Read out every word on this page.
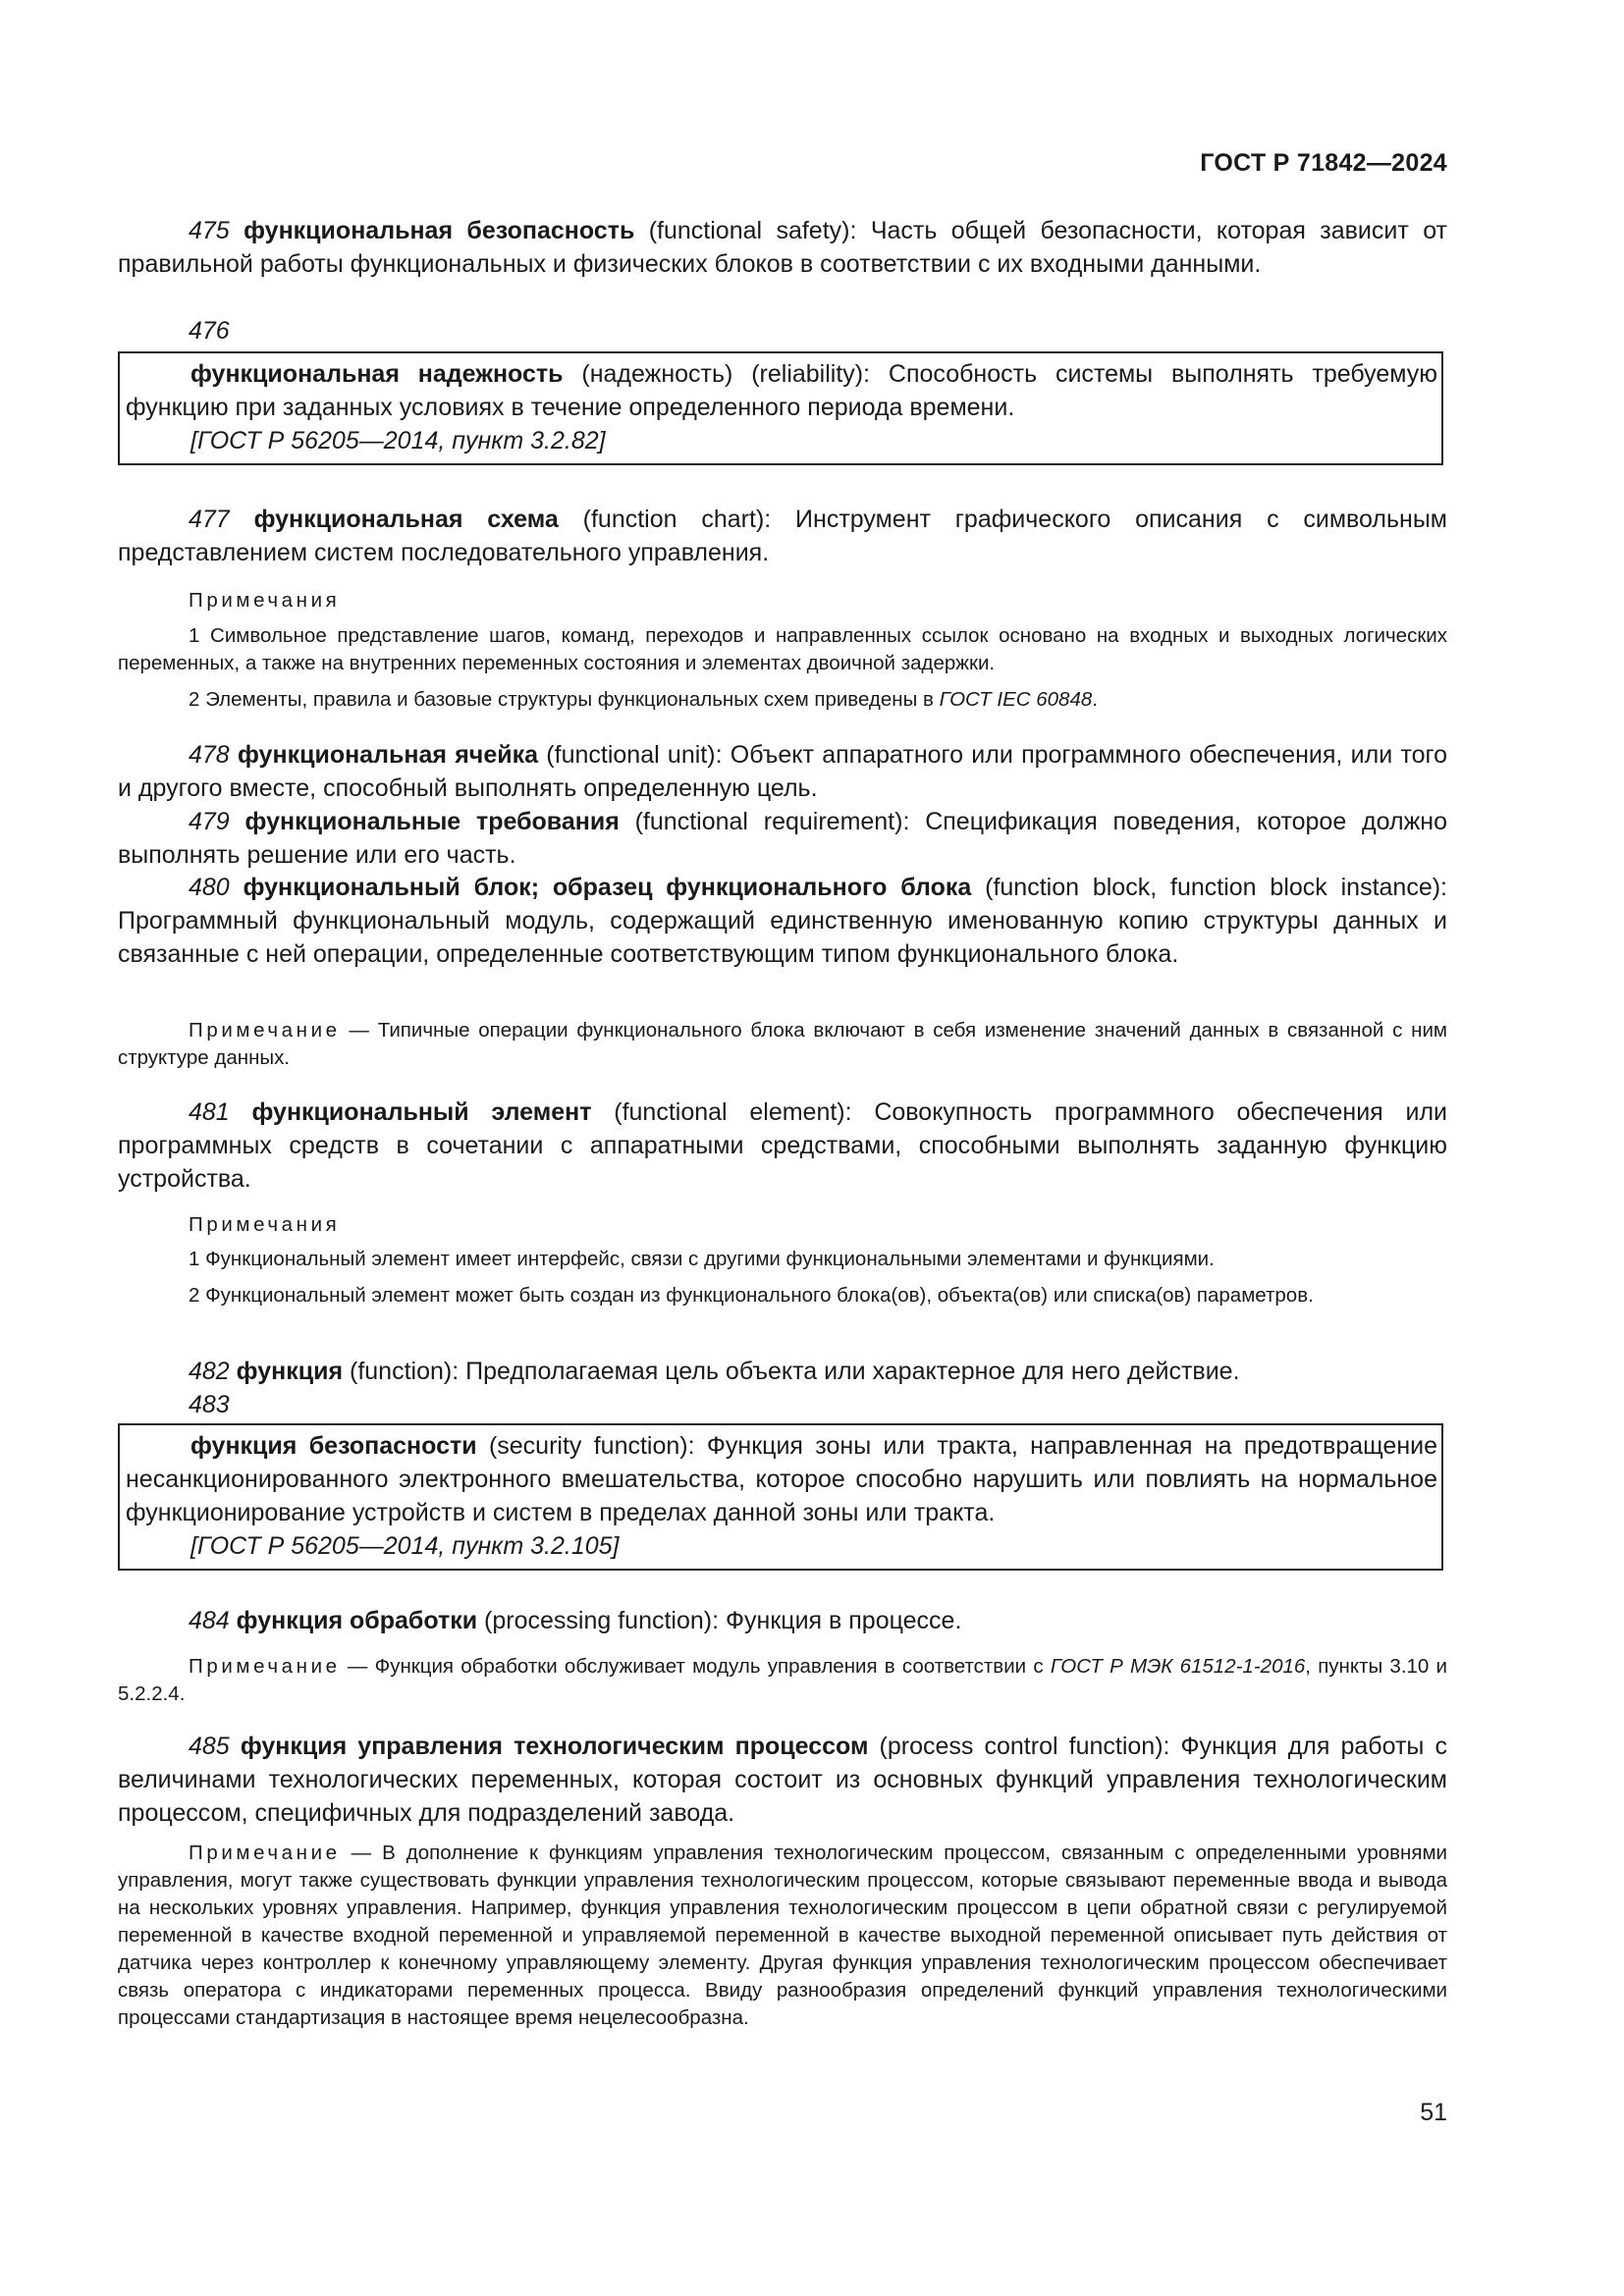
ГОСТ Р 71842—2024

475 функциональная безопасность (functional safety): Часть общей безопасности, которая зависит от правильной работы функциональных и физических блоков в соответствии с их входными данными.

476

функциональная надежность (надежность) (reliability): Способность системы выполнять требуемую функцию при заданных условиях в течение определенного периода времени.

[ГОСТ Р 56205—2014, пункт 3.2.82]

477 функциональная схема (function chart): Инструмент графического описания с символьным представлением систем последовательного управления.

Примечания

1 Символьное представление шагов, команд, переходов и направленных ссылок основано на входных и выходных логических переменных, а также на внутренних переменных состояния и элементах двоичной задержки.

2 Элементы, правила и базовые структуры функциональных схем приведены в ГОСТ IEC 60848.

478 функциональная ячейка (functional unit): Объект аппаратного или программного обеспечения, или того и другого вместе, способный выполнять определенную цель.

479 функциональные требования (functional requirement): Спецификация поведения, которое должно выполнять решение или его часть.

480 функциональный блок; образец функционального блока (function block, function block instance): Программный функциональный модуль, содержащий единственную именованную копию структуры данных и связанные с ней операции, определенные соответствующим типом функционального блока.

Примечание — Типичные операции функционального блока включают в себя изменение значений данных в связанной с ним структуре данных.

481 функциональный элемент (functional element): Совокупность программного обеспечения или программных средств в сочетании с аппаратными средствами, способными выполнять заданную функцию устройства.

Примечания

1 Функциональный элемент имеет интерфейс, связи с другими функциональными элементами и функциями.

2 Функциональный элемент может быть создан из функционального блока(ов), объекта(ов) или списка(ов) параметров.

482 функция (function): Предполагаемая цель объекта или характерное для него действие.

483

функция безопасности (security function): Функция зоны или тракта, направленная на предотвращение несанкционированного электронного вмешательства, которое способно нарушить или повлиять на нормальное функционирование устройств и систем в пределах данной зоны или тракта.

[ГОСТ Р 56205—2014, пункт 3.2.105]

484 функция обработки (processing function): Функция в процессе.

Примечание — Функция обработки обслуживает модуль управления в соответствии с ГОСТ Р МЭК 61512-1-2016, пункты 3.10 и 5.2.2.4.

485 функция управления технологическим процессом (process control function): Функция для работы с величинами технологических переменных, которая состоит из основных функций управления технологическим процессом, специфичных для подразделений завода.

Примечание — В дополнение к функциям управления технологическим процессом, связанным с определенными уровнями управления, могут также существовать функции управления технологическим процессом, которые связывают переменные ввода и вывода на нескольких уровнях управления. Например, функция управления технологическим процессом в цепи обратной связи с регулируемой переменной в качестве входной переменной и управляемой переменной в качестве выходной переменной описывает путь действия от датчика через контроллер к конечному управляющему элементу. Другая функция управления технологическим процессом обеспечивает связь оператора с индикаторами переменных процесса. Ввиду разнообразия определений функций управления технологическими процессами стандартизация в настоящее время нецелесообразна.

51
